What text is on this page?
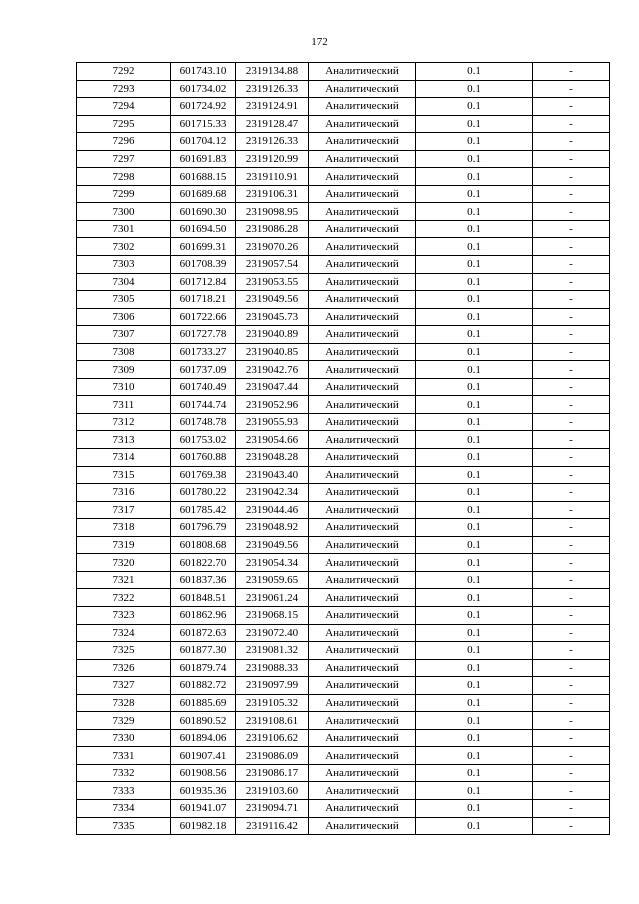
172
7292	601743.10	2319134.88	Аналитический	0.1	-
7293	601734.02	2319126.33	Аналитический	0.1	-
7294	601724.92	2319124.91	Аналитический	0.1	-
7295	601715.33	2319128.47	Аналитический	0.1	-
7296	601704.12	2319126.33	Аналитический	0.1	-
7297	601691.83	2319120.99	Аналитический	0.1	-
7298	601688.15	2319110.91	Аналитический	0.1	-
7299	601689.68	2319106.31	Аналитический	0.1	-
7300	601690.30	2319098.95	Аналитический	0.1	-
7301	601694.50	2319086.28	Аналитический	0.1	-
7302	601699.31	2319070.26	Аналитический	0.1	-
7303	601708.39	2319057.54	Аналитический	0.1	-
7304	601712.84	2319053.55	Аналитический	0.1	-
7305	601718.21	2319049.56	Аналитический	0.1	-
7306	601722.66	2319045.73	Аналитический	0.1	-
7307	601727.78	2319040.89	Аналитический	0.1	-
7308	601733.27	2319040.85	Аналитический	0.1	-
7309	601737.09	2319042.76	Аналитический	0.1	-
7310	601740.49	2319047.44	Аналитический	0.1	-
7311	601744.74	2319052.96	Аналитический	0.1	-
7312	601748.78	2319055.93	Аналитический	0.1	-
7313	601753.02	2319054.66	Аналитический	0.1	-
7314	601760.88	2319048.28	Аналитический	0.1	-
7315	601769.38	2319043.40	Аналитический	0.1	-
7316	601780.22	2319042.34	Аналитический	0.1	-
7317	601785.42	2319044.46	Аналитический	0.1	-
7318	601796.79	2319048.92	Аналитический	0.1	-
7319	601808.68	2319049.56	Аналитический	0.1	-
7320	601822.70	2319054.34	Аналитический	0.1	-
7321	601837.36	2319059.65	Аналитический	0.1	-
7322	601848.51	2319061.24	Аналитический	0.1	-
7323	601862.96	2319068.15	Аналитический	0.1	-
7324	601872.63	2319072.40	Аналитический	0.1	-
7325	601877.30	2319081.32	Аналитический	0.1	-
7326	601879.74	2319088.33	Аналитический	0.1	-
7327	601882.72	2319097.99	Аналитический	0.1	-
7328	601885.69	2319105.32	Аналитический	0.1	-
7329	601890.52	2319108.61	Аналитический	0.1	-
7330	601894.06	2319106.62	Аналитический	0.1	-
7331	601907.41	2319086.09	Аналитический	0.1	-
7332	601908.56	2319086.17	Аналитический	0.1	-
7333	601935.36	2319103.60	Аналитический	0.1	-
7334	601941.07	2319094.71	Аналитический	0.1	-
7335	601982.18	2319116.42	Аналитический	0.1	-
